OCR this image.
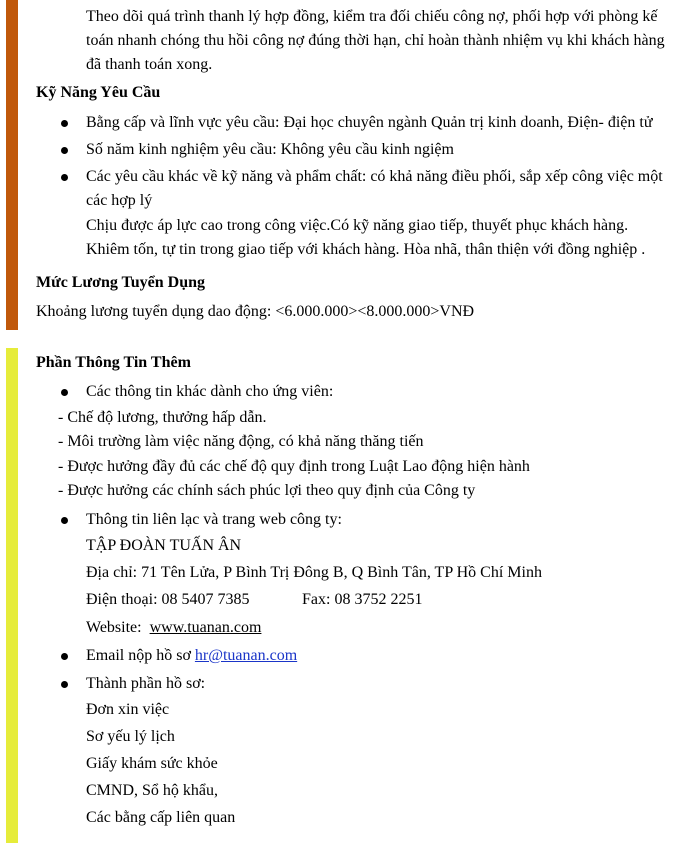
Theo dõi quá trình thanh lý hợp đồng, kiểm tra đối chiếu công nợ, phối hợp với phòng kế
toán nhanh chóng thu hồi công nợ đúng thời hạn, chỉ hoàn thành nhiệm vụ khi khách hàng
đã thanh toán xong.
Kỹ Năng Yêu Cầu
Bằng cấp và lĩnh vực yêu cầu: Đại học chuyên ngành Quản trị kinh doanh, Điện- điện tử
Số năm kinh nghiệm yêu cầu: Không yêu cầu kinh ngiệm
Các yêu cầu khác về kỹ năng và phẩm chất: có khả năng điều phối, sắp xếp công việc một
các hợp lý
Chịu được áp lực cao trong công việc.Có kỹ năng giao tiếp, thuyết phục khách hàng.
Khiêm tốn, tự tin trong giao tiếp với khách hàng. Hòa nhã, thân thiện với đồng nghiệp .
Mức Lương Tuyển Dụng
Khoảng lương tuyển dụng dao động: <6.000.000><8.000.000>VNĐ
Phần Thông Tin Thêm
Các thông tin khác dành cho ứng viên:
- Chế độ lương, thưởng hấp dẫn.
- Môi trường làm việc năng động, có khả năng thăng tiến
- Được hưởng đầy đủ các chế độ quy định trong Luật Lao động hiện hành
- Được hưởng các chính sách phúc lợi theo quy định của Công ty
Thông tin liên lạc và trang web công ty:
TẬP ĐOÀN TUẤN ÂN
Địa chỉ: 71 Tên Lửa, P Bình Trị Đông B, Q Bình Tân, TP Hồ Chí Minh
Điện thoại: 08 5407 7385	Fax: 08 3752 2251
Website: www.tuanan.com
Email nộp hồ sơ hr@tuanan.com
Thành phần hồ sơ:
Đơn xin việc
Sơ yếu lý lịch
Giấy khám sức khỏe
CMND, Sổ hộ khẩu,
Các bằng cấp liên quan
